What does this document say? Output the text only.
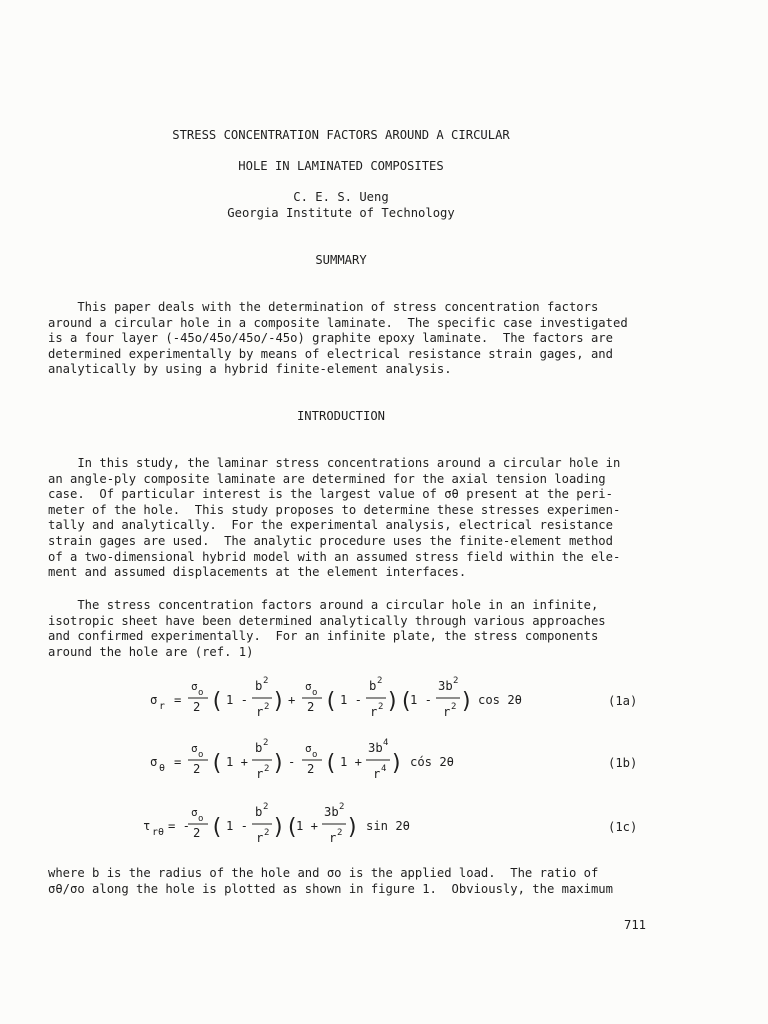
STRESS CONCENTRATION FACTORS AROUND A CIRCULAR
HOLE IN LAMINATED COMPOSITES
C. E. S. Ueng
Georgia Institute of Technology
SUMMARY
This paper deals with the determination of stress concentration factors
around a circular hole in a composite laminate.  The specific case investigated
is a four layer (-45o/45o/45o/-45o) graphite epoxy laminate.  The factors are
determined experimentally by means of electrical resistance strain gages, and
analytically by using a hybrid finite-element analysis.
INTRODUCTION
In this study, the laminar stress concentrations around a circular hole in
an angle-ply composite laminate are determined for the axial tension loading
case.  Of particular interest is the largest value of σθ present at the peri-
meter of the hole.  This study proposes to determine these stresses experimen-
tally and analytically.  For the experimental analysis, electrical resistance
strain gages are used.  The analytic procedure uses the finite-element method
of a two-dimensional hybrid model with an assumed stress field within the ele-
ment and assumed displacements at the element interfaces.
The stress concentration factors around a circular hole in an infinite,
isotropic sheet have been determined analytically through various approaches
and confirmed experimentally.  For an infinite plate, the stress components
around the hole are (ref. 1)
σ r =
σ o
2 ( 1 -
b 2
r 2 ) +
σ o
2 ( 1 -
b 2
r 2 )(
1 -
3b 2
r 2 ) cos 2θ	(1a)
σ θ =
σ o
2 ( 1 +
b 2
r 2 ) -
σ o
2 ( 1 +
3b 4
r 4 ) cós 2θ	(1b)
τ rθ = -
σ o
2 ( 1 -
b 2
r 2 )(
1 +
3b 2
r 2 ) sin 2θ	(1c)
where b is the radius of the hole and σo is the applied load.  The ratio of
σθ/σo along the hole is plotted as shown in figure 1.  Obviously, the maximum
711
